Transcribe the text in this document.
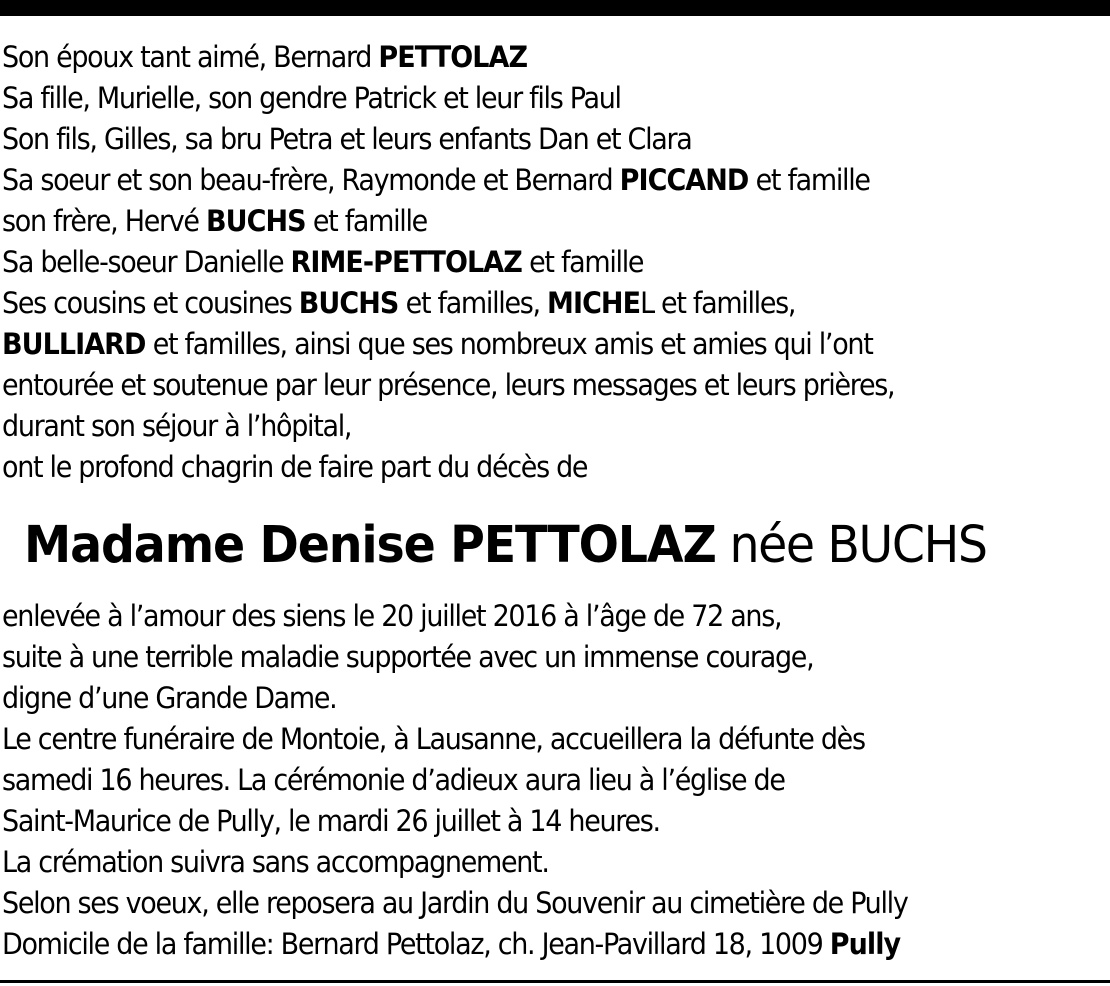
Son époux tant aimé, Bernard PETTOLAZ
Sa fille, Murielle, son gendre Patrick et leur fils Paul
Son fils, Gilles, sa bru Petra et leurs enfants Dan et Clara
Sa soeur et son beau-frère, Raymonde et Bernard PICCAND et famille
son frère, Hervé BUCHS et famille
Sa belle-soeur Danielle RIME-PETTOLAZ et famille
Ses cousins et cousines BUCHS et familles, MICHEL et familles,
BULLIARD et familles, ainsi que ses nombreux amis et amies qui l’ont
entourée et soutenue par leur présence, leurs messages et leurs prières,
durant son séjour à l’hôpital,
ont le profond chagrin de faire part du décès de
Madame Denise PETTOLAZ née BUCHS
enlevée à l’amour des siens le 20 juillet 2016 à l’âge de 72 ans,
suite à une terrible maladie supportée avec un immense courage,
digne d’une Grande Dame.
Le centre funéraire de Montoie, à Lausanne, accueillera la défunte dès
samedi 16 heures. La cérémonie d’adieux aura lieu à l’église de
Saint-Maurice de Pully, le mardi 26 juillet à 14 heures.
La crémation suivra sans accompagnement.
Selon ses voeux, elle reposera au Jardin du Souvenir au cimetière de Pully
Domicile de la famille: Bernard Pettolaz, ch. Jean-Pavillard 18, 1009 Pully
